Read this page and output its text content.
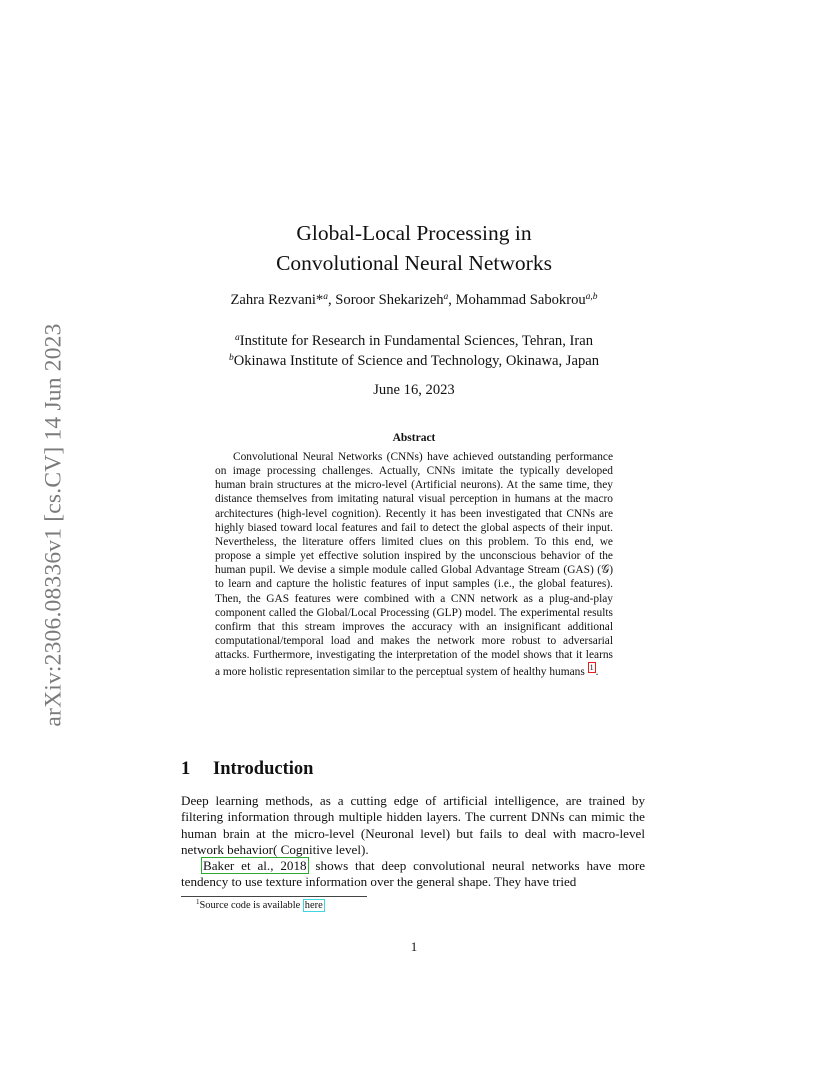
arXiv:2306.08336v1 [cs.CV] 14 Jun 2023
Global-Local Processing in
Convolutional Neural Networks
Zahra Rezvani*$^a$, Soroor Shekarizeh$^a$, Mohammad Sabokrou$^{a,b}$
$^a$Institute for Research in Fundamental Sciences, Tehran, Iran
$^b$Okinawa Institute of Science and Technology, Okinawa, Japan
June 16, 2023
Abstract

Convolutional Neural Networks (CNNs) have achieved outstanding performance on image processing challenges. Actually, CNNs imitate the typically developed human brain structures at the micro-level (Artificial neurons). At the same time, they distance themselves from imitating natural visual perception in humans at the macro architectures (high-level cognition). Recently it has been investigated that CNNs are highly biased toward local features and fail to detect the global aspects of their input. Nevertheless, the literature offers limited clues on this problem. To this end, we propose a simple yet effective solution inspired by the unconscious behavior of the human pupil. We devise a simple module called Global Advantage Stream (GAS) (𝒢) to learn and capture the holistic features of input samples (i.e., the global features). Then, the GAS features were combined with a CNN network as a plug-and-play component called the Global/Local Processing (GLP) model. The experimental results confirm that this stream improves the accuracy with an insignificant additional computational/temporal load and makes the network more robust to adversarial attacks. Furthermore, investigating the interpretation of the model shows that it learns a more holistic representation similar to the perceptual system of healthy humans 1 .

1 Introduction

Deep learning methods, as a cutting edge of artificial intelligence, are trained by filtering information through multiple hidden layers. The current DNNs can mimic the human brain at the micro-level (Neuronal level) but fails to deal with macro-level network behavior( Cognitive level).

Baker et al., 2018 shows that deep convolutional neural networks have more tendency to use texture information over the general shape. They have tried

$^1$Source code is available here
1
